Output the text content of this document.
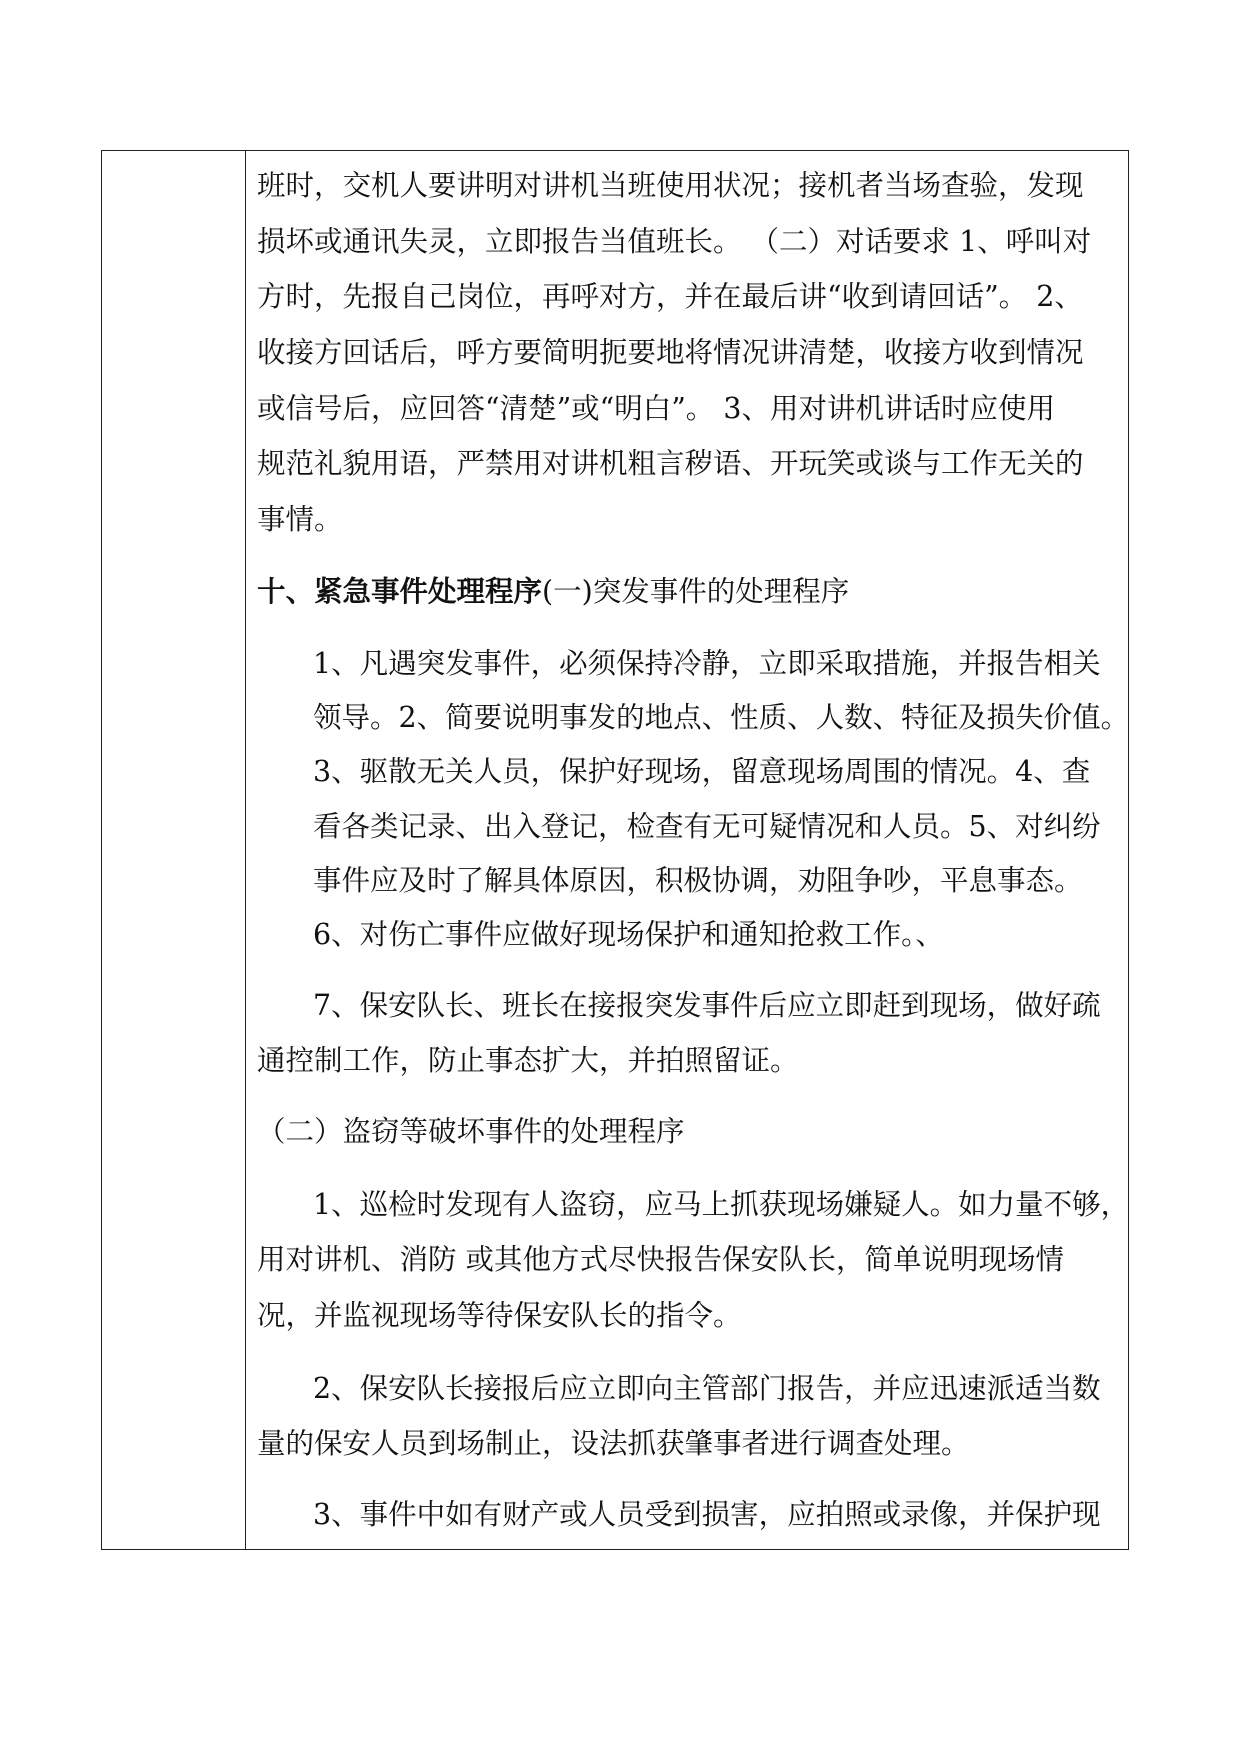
班时，交机人要讲明对讲机当班使用状况；接机者当场查验，发现
损坏或通讯失灵，立即报告当值班长。 （二）对话要求 1、呼叫对
方时，先报自己岗位，再呼对方，并在最后讲“收到请回话”。 2、
收接方回话后，呼方要简明扼要地将情况讲清楚，收接方收到情况
或信号后，应回答“清楚”或“明白”。 3、用对讲机讲话时应使用
规范礼貌用语，严禁用对讲机粗言秽语、开玩笑或谈与工作无关的
事情。
十、紧急事件处理程序(一)突发事件的处理程序
1、凡遇突发事件，必须保持冷静，立即采取措施，并报告相关
领导。2、简要说明事发的地点、性质、人数、特征及损失价值。
3、驱散无关人员，保护好现场，留意现场周围的情况。4、查
看各类记录、出入登记，检查有无可疑情况和人员。5、对纠纷
事件应及时了解具体原因，积极协调，劝阻争吵，平息事态。
6、对伤亡事件应做好现场保护和通知抢救工作。、
7、保安队长、班长在接报突发事件后应立即赶到现场，做好疏
通控制工作，防止事态扩大，并拍照留证。
（二）盗窃等破坏事件的处理程序
1、巡检时发现有人盗窃，应马上抓获现场嫌疑人。如力量不够，
用对讲机、消防 或其他方式尽快报告保安队长，简单说明现场情
况，并监视现场等待保安队长的指令。
2、保安队长接报后应立即向主管部门报告，并应迅速派适当数
量的保安人员到场制止，设法抓获肇事者进行调查处理。
3、事件中如有财产或人员受到损害，应拍照或录像，并保护现
